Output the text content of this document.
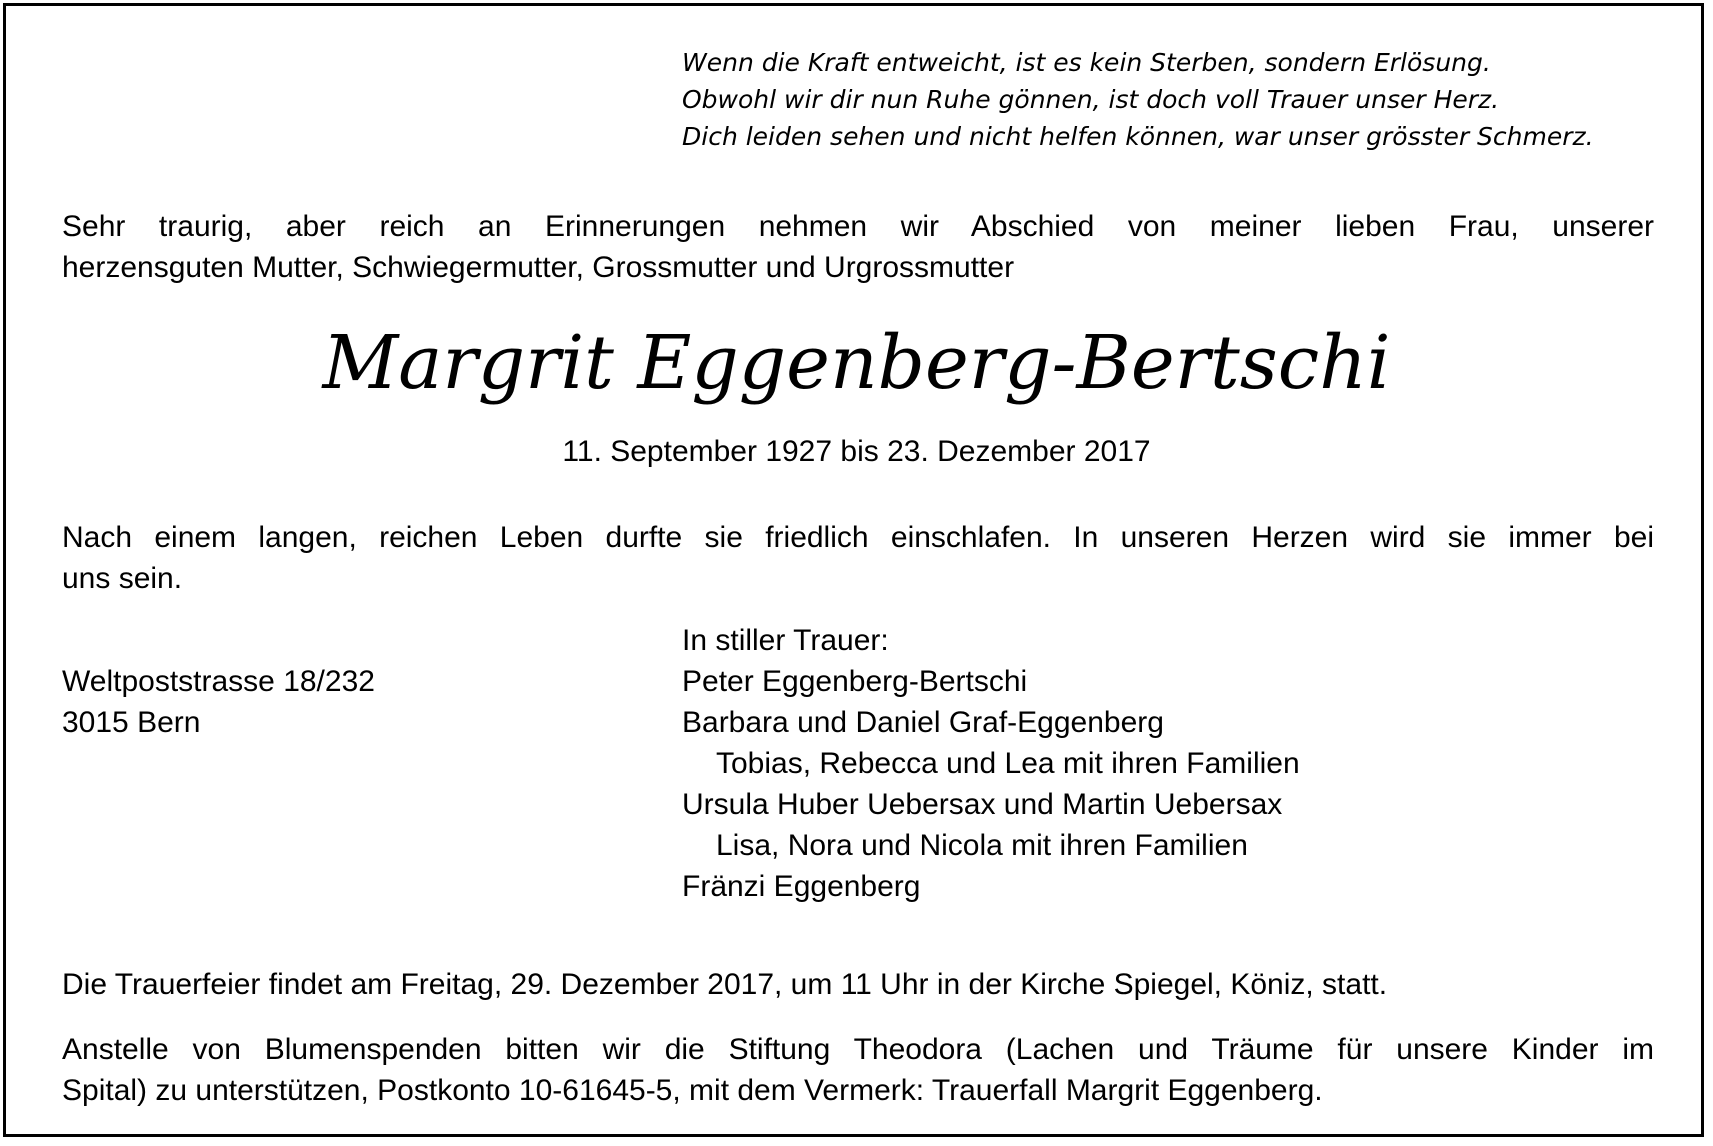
Wenn die Kraft entweicht, ist es kein Sterben, sondern Erlösung.
Obwohl wir dir nun Ruhe gönnen, ist doch voll Trauer unser Herz.
Dich leiden sehen und nicht helfen können, war unser grösster Schmerz.
Sehr traurig, aber reich an Erinnerungen nehmen wir Abschied von meiner lieben Frau, unserer
herzensguten Mutter, Schwiegermutter, Grossmutter und Urgrossmutter
Margrit Eggenberg-Bertschi
11. September 1927 bis 23. Dezember 2017
Nach einem langen, reichen Leben durfte sie friedlich einschlafen. In unseren Herzen wird sie immer bei
uns sein.
Weltpoststrasse 18/232
3015 Bern
In stiller Trauer:
Peter Eggenberg-Bertschi
Barbara und Daniel Graf-Eggenberg
Tobias, Rebecca und Lea mit ihren Familien
Ursula Huber Uebersax und Martin Uebersax
Lisa, Nora und Nicola mit ihren Familien
Fränzi Eggenberg
Die Trauerfeier findet am Freitag, 29. Dezember 2017, um 11 Uhr in der Kirche Spiegel, Köniz, statt.
Anstelle von Blumenspenden bitten wir die Stiftung Theodora (Lachen und Träume für unsere Kinder im
Spital) zu unterstützen, Postkonto 10-61645-5, mit dem Vermerk: Trauerfall Margrit Eggenberg.
